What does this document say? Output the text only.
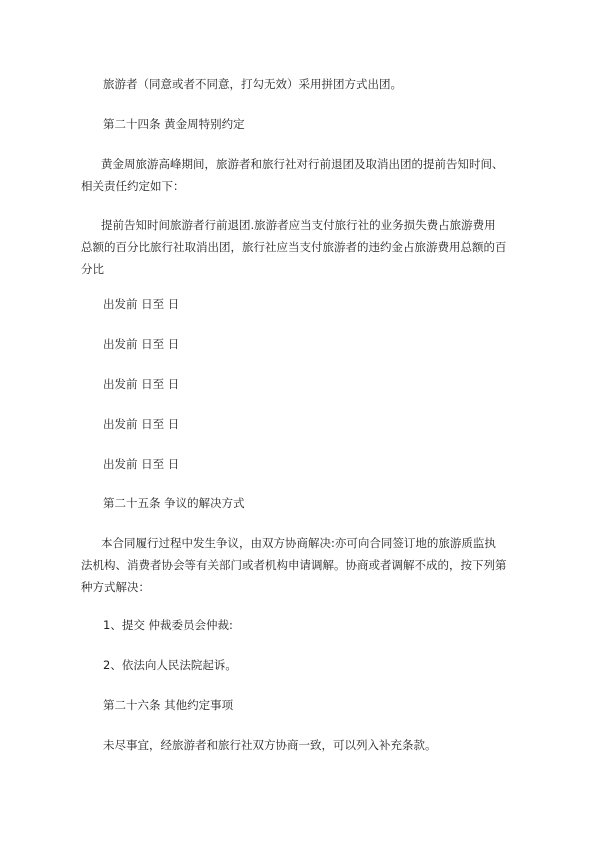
旅游者（同意或者不同意，打勾无效）采用拼团方式出团。
第二十四条 黄金周特别约定
黄金周旅游高峰期间，旅游者和旅行社对行前退团及取消出团的提前告知时间、
相关责任约定如下：
提前告知时间旅游者行前退团.旅游者应当支付旅行社的业务损失费占旅游费用
总额的百分比旅行社取消出团，旅行社应当支付旅游者的违约金占旅游费用总额的百
分比
出发前 日至 日
出发前 日至 日
出发前 日至 日
出发前 日至 日
出发前 日至 日
第二十五条 争议的解决方式
本合同履行过程中发生争议，由双方协商解决:亦可向合同签订地的旅游质监执
法机构、消费者协会等有关部门或者机构申请调解。协商或者调解不成的，按下列第
种方式解决：
1、提交 仲裁委员会仲裁:
2、依法向人民法院起诉。
第二十六条 其他约定事项
未尽事宜，经旅游者和旅行社双方协商一致，可以列入补充条款。
